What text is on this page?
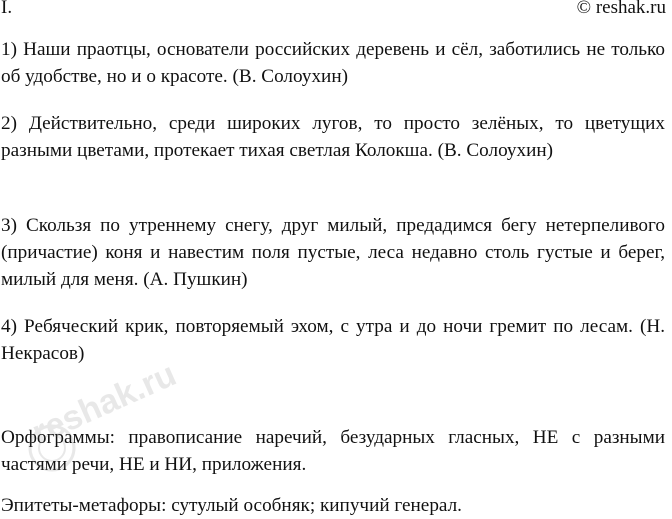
I.	© reshak.ru

1) Наши праотцы, основатели российских деревень и сёл, заботились не только об удобстве, но и о красоте. (В. Солоухин)

2) Действительно, среди широких лугов, то просто зелёных, то цветущих разными цветами, протекает тихая светлая Колокша. (В. Солоухин)

3) Скользя по утреннему снегу, друг милый, предадимся бегу нетерпеливого (причастие) коня и навестим поля пустые, леса недавно столь густые и берег, милый для меня. (А. Пушкин)

4) Ребяческий крик, повторяемый эхом, с утра и до ночи гремит по лесам. (Н. Некрасов)

Орфограммы: правописание наречий, безударных гласных, НЕ с разными частями речи, НЕ и НИ, приложения.

Эпитеты-метафоры: сутулый особняк; кипучий генерал.

reshak.ru
